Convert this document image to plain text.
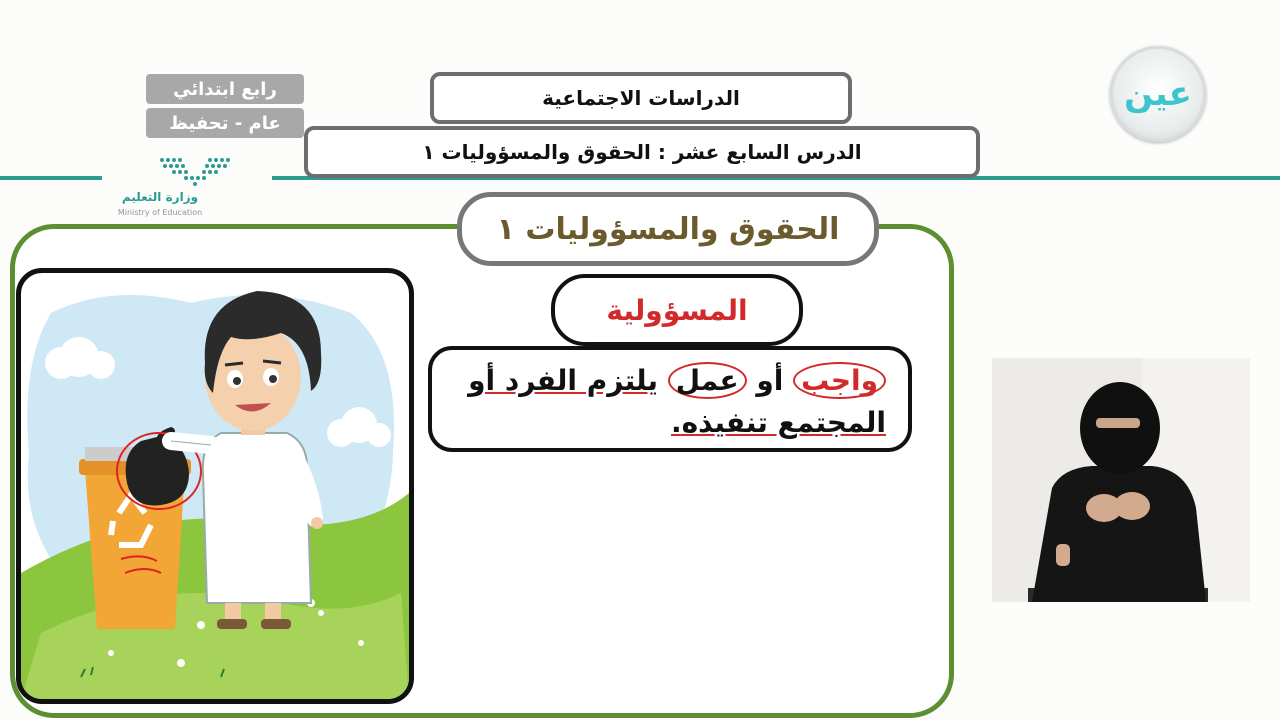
رابع ابتدائي
عام - تحفيظ
وزارة التعليم
Ministry of Education
الدراسات الاجتماعية
الدرس السابع عشر : الحقوق والمسؤوليات ١
عين
الحقوق والمسؤوليات ١
المسؤولية
واجب أو عمل يلتزم الفرد أو
المجتمع تنفيذه.
